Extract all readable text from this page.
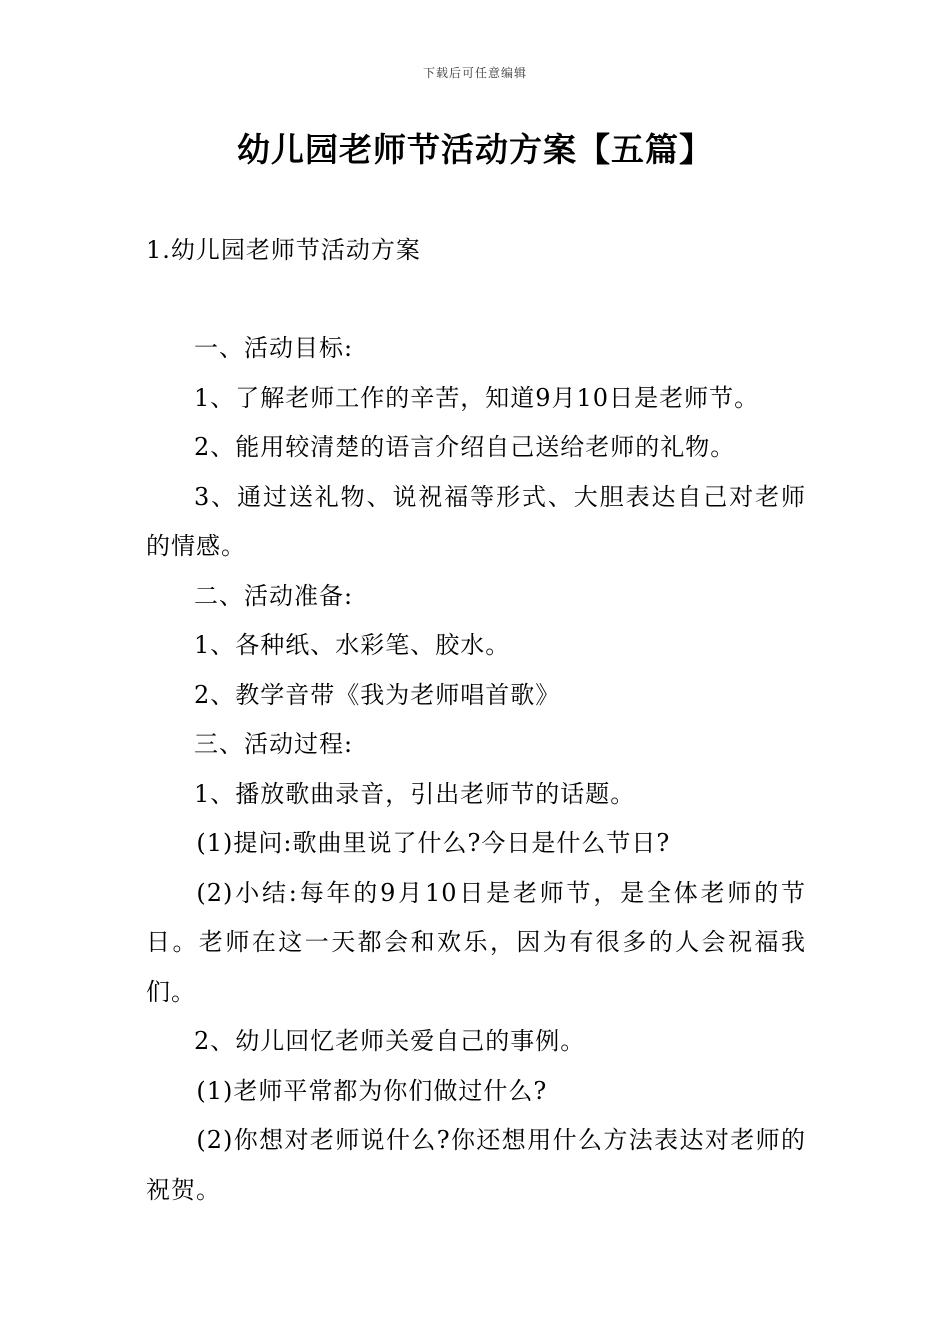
下载后可任意编辑
幼儿园老师节活动方案【五篇】
1.幼儿园老师节活动方案

一、活动目标:

1、了解老师工作的辛苦，知道9月10日是老师节。

2、能用较清楚的语言介绍自己送给老师的礼物。

3、通过送礼物、说祝福等形式、大胆表达自己对老师的情感。

二、活动准备:

1、各种纸、水彩笔、胶水。

2、教学音带《我为老师唱首歌》

三、活动过程:

1、播放歌曲录音，引出老师节的话题。

(1)提问:歌曲里说了什么?今日是什么节日?

(2)小结:每年的9月10日是老师节，是全体老师的节日。老师在这一天都会和欢乐，因为有很多的人会祝福我们。

2、幼儿回忆老师关爱自己的事例。

(1)老师平常都为你们做过什么?

(2)你想对老师说什么?你还想用什么方法表达对老师的祝贺。
